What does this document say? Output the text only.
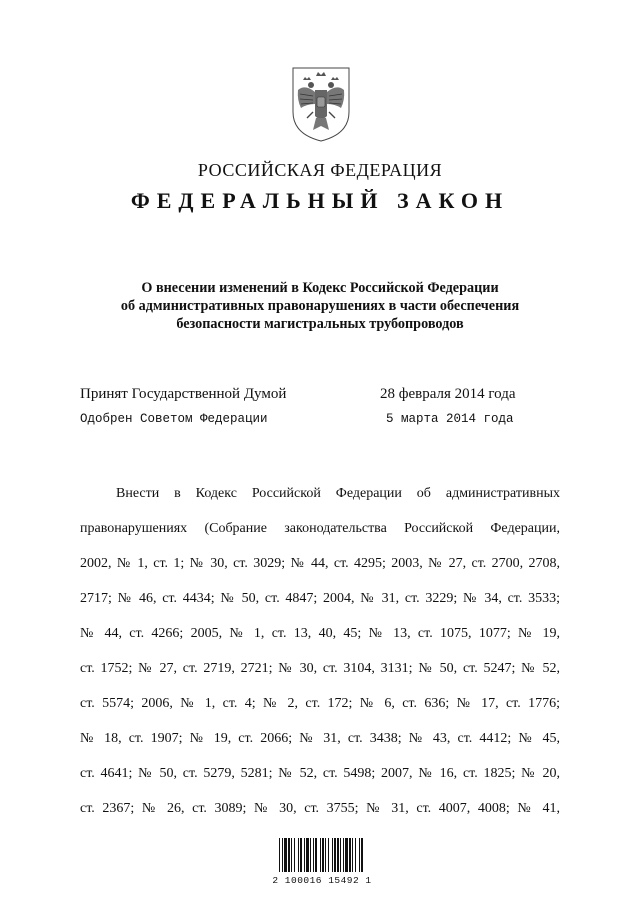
РОССИЙСКАЯ ФЕДЕРАЦИЯ
ФЕДЕРАЛЬНЫЙ ЗАКОН
О внесении изменений в Кодекс Российской Федерации
об административных правонарушениях в части обеспечения
безопасности магистральных трубопроводов
Принят Государственной Думой	28 февраля 2014 года
Одобрен Советом Федерации	5 марта 2014 года
Внести в Кодекс Российской Федерации об административных
правонарушениях (Собрание законодательства Российской Федерации,
2002, № 1, ст. 1; № 30, ст. 3029; № 44, ст. 4295; 2003, № 27, ст. 2700, 2708,
2717; № 46, ст. 4434; № 50, ст. 4847; 2004, № 31, ст. 3229; № 34, ст. 3533;
№ 44, ст. 4266; 2005, № 1, ст. 13, 40, 45; № 13, ст. 1075, 1077; № 19,
ст. 1752; № 27, ст. 2719, 2721; № 30, ст. 3104, 3131; № 50, ст. 5247; № 52,
ст. 5574; 2006, № 1, ст. 4; № 2, ст. 172; № 6, ст. 636; № 17, ст. 1776;
№ 18, ст. 1907; № 19, ст. 2066; № 31, ст. 3438; № 43, ст. 4412; № 45,
ст. 4641; № 50, ст. 5279, 5281; № 52, ст. 5498; 2007, № 16, ст. 1825; № 20,
ст. 2367; № 26, ст. 3089; № 30, ст. 3755; № 31, ст. 4007, 4008; № 41,
2 100016 15492 1
